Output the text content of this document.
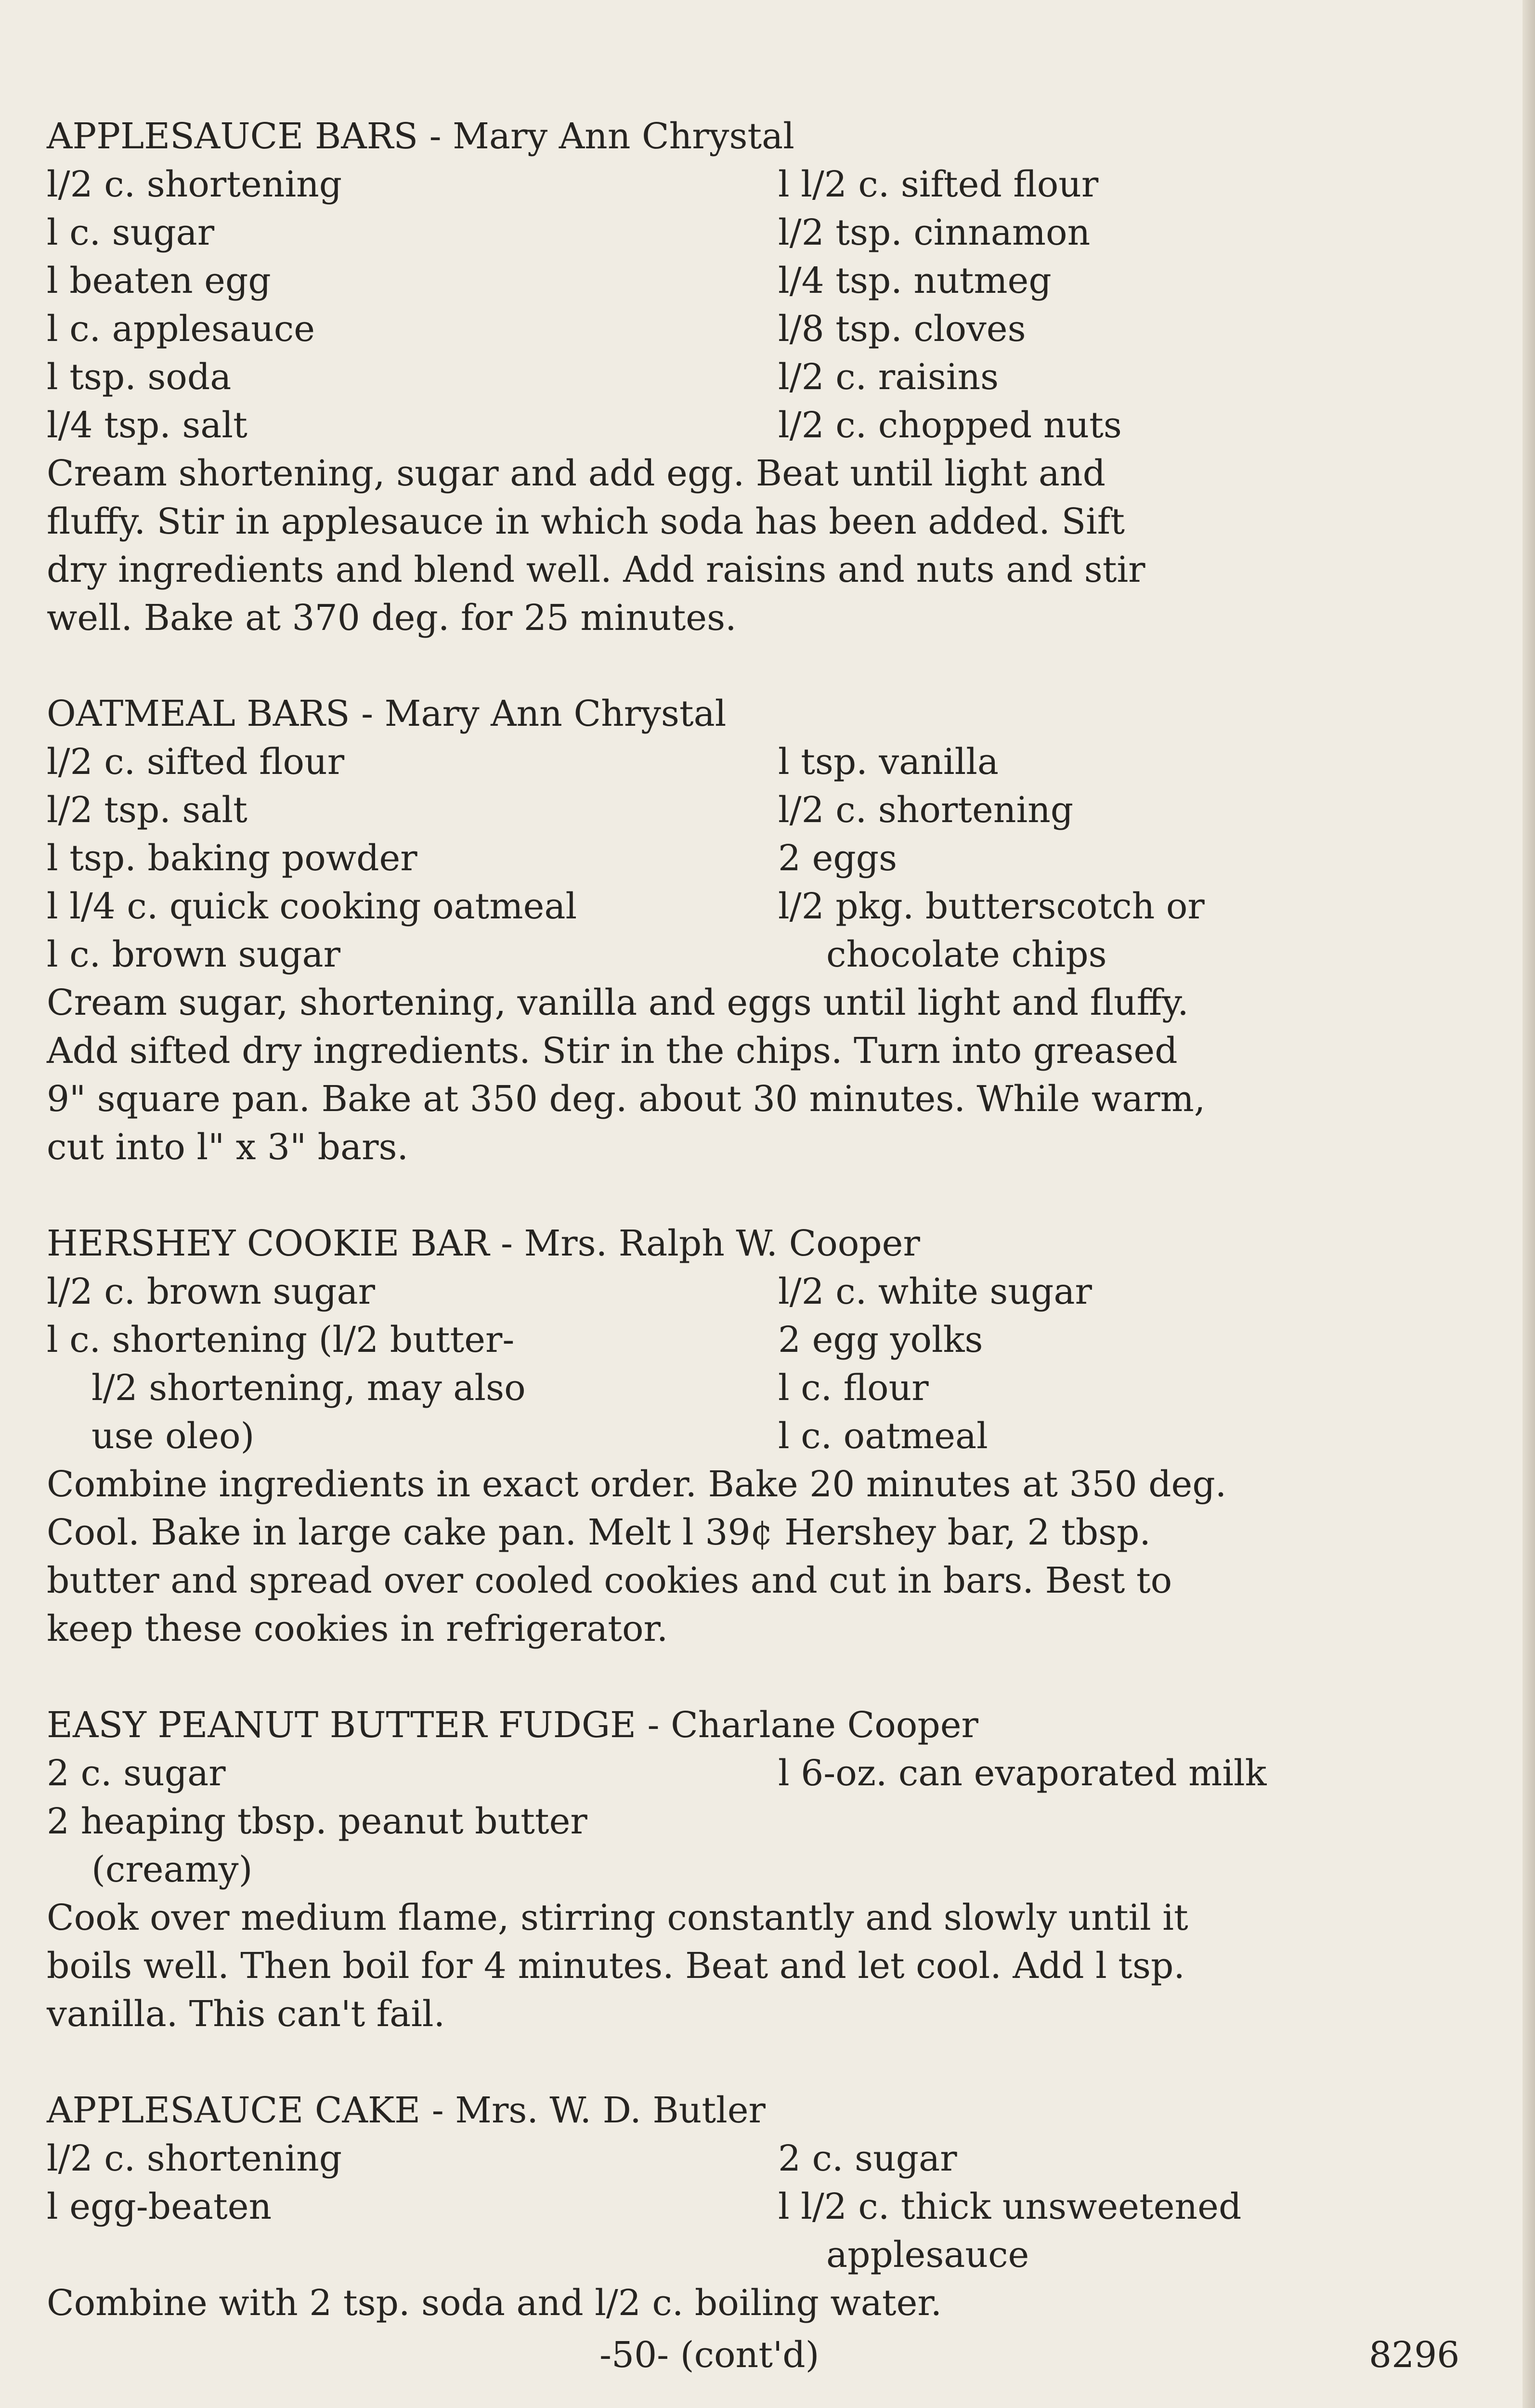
APPLESAUCE BARS - Mary Ann Chrystal
l/2 c. shortening	l l/2 c. sifted flour
l c. sugar	l/2 tsp. cinnamon
l beaten egg	l/4 tsp. nutmeg
l c. applesauce	l/8 tsp. cloves
l tsp. soda	l/2 c. raisins
l/4 tsp. salt	l/2 c. chopped nuts
Cream shortening, sugar and add egg. Beat until light and
fluffy. Stir in applesauce in which soda has been added. Sift
dry ingredients and blend well. Add raisins and nuts and stir
well. Bake at 370 deg. for 25 minutes.
OATMEAL BARS - Mary Ann Chrystal
l/2 c. sifted flour	l tsp. vanilla
l/2 tsp. salt	l/2 c. shortening
l tsp. baking powder	2 eggs
l l/4 c. quick cooking oatmeal	l/2 pkg. butterscotch or
l c. brown sugar	chocolate chips
Cream sugar, shortening, vanilla and eggs until light and fluffy.
Add sifted dry ingredients. Stir in the chips. Turn into greased
9" square pan. Bake at 350 deg. about 30 minutes. While warm,
cut into l" x 3" bars.
HERSHEY COOKIE BAR - Mrs. Ralph W. Cooper
l/2 c. brown sugar	l/2 c. white sugar
l c. shortening (l/2 butter-	2 egg yolks
l/2 shortening, may also	l c. flour
use oleo)	l c. oatmeal
Combine ingredients in exact order. Bake 20 minutes at 350 deg.
Cool. Bake in large cake pan. Melt l 39¢ Hershey bar, 2 tbsp.
butter and spread over cooled cookies and cut in bars. Best to
keep these cookies in refrigerator.
EASY PEANUT BUTTER FUDGE - Charlane Cooper
2 c. sugar	l 6-oz. can evaporated milk
2 heaping tbsp. peanut butter
(creamy)
Cook over medium flame, stirring constantly and slowly until it
boils well. Then boil for 4 minutes. Beat and let cool. Add l tsp.
vanilla. This can't fail.
APPLESAUCE CAKE - Mrs. W. D. Butler
l/2 c. shortening	2 c. sugar
l egg-beaten	l l/2 c. thick unsweetened
applesauce
Combine with 2 tsp. soda and l/2 c. boiling water.
-50- (cont'd)	8296
